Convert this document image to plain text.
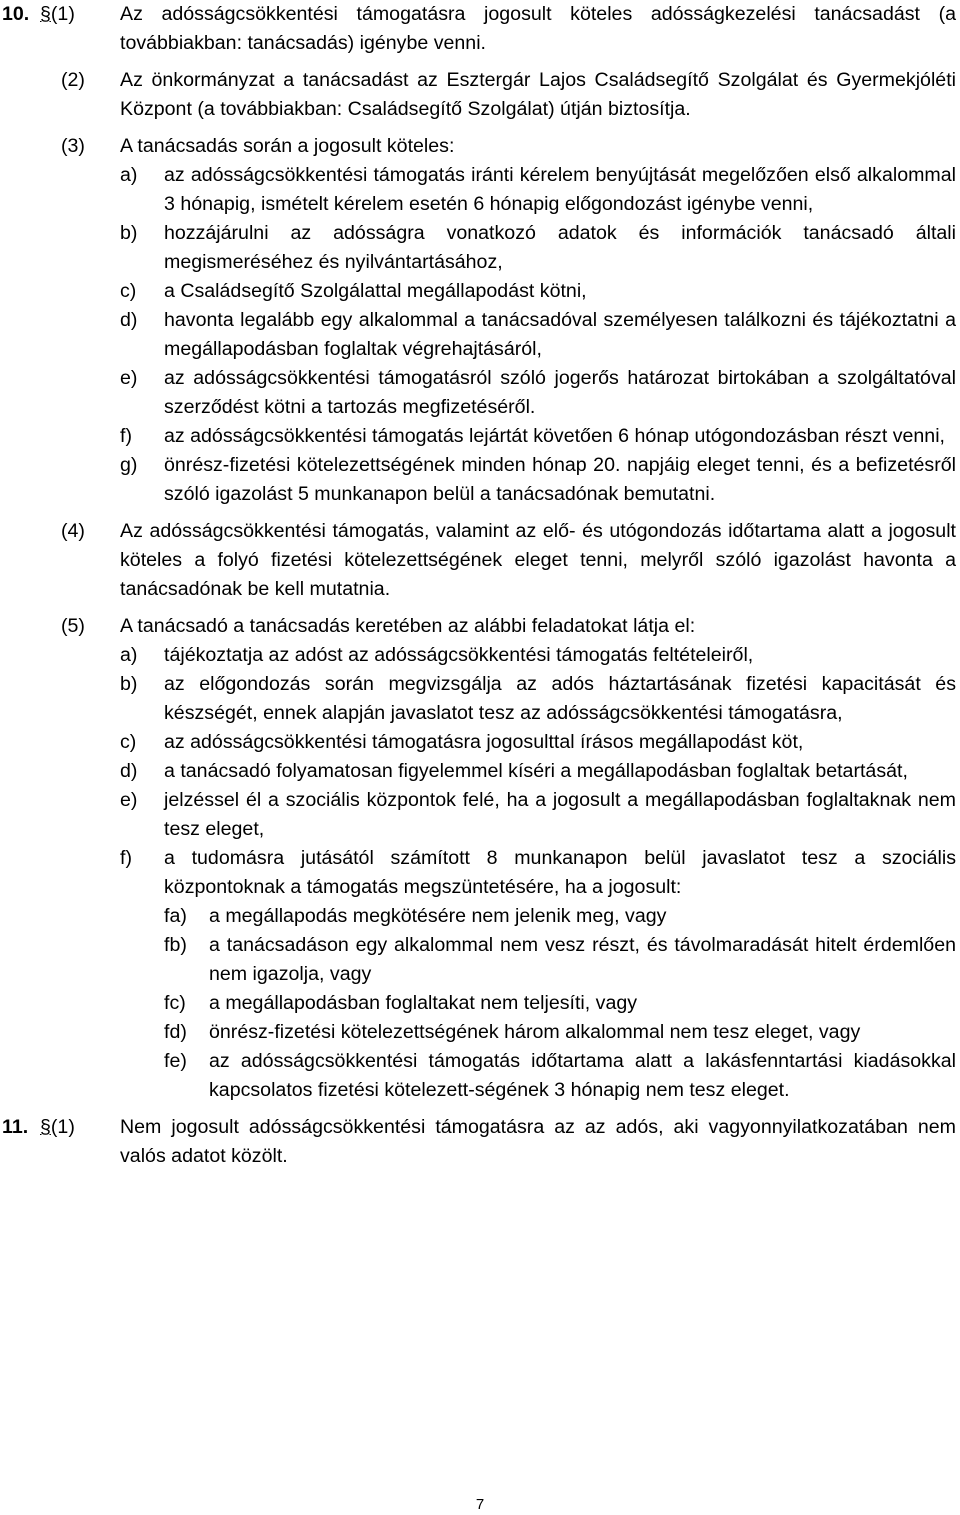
10. §(1) Az adósságcsökkentési támogatásra jogosult köteles adósságkezelési tanácsadást (a továbbiakban: tanácsadás) igénybe venni.
(2) Az önkormányzat a tanácsadást az Esztergár Lajos Családsegítő Szolgálat és Gyermekjóléti Központ (a továbbiakban: Családsegítő Szolgálat) útján biztosítja.
(3) A tanácsadás során a jogosult köteles:
a) az adósságcsökkentési támogatás iránti kérelem benyújtását megelőzően első alkalommal 3 hónapig, ismételt kérelem esetén 6 hónapig előgondozást igénybe venni,
b) hozzájárulni az adósságra vonatkozó adatok és információk tanácsadó általi megismeréséhez és nyilvántartásához,
c) a Családsegítő Szolgálattal megállapodást kötni,
d) havonta legalább egy alkalommal a tanácsadóval személyesen találkozni és tájékoztatni a megállapodásban foglaltak végrehajtásáról,
e) az adósságcsökkentési támogatásról szóló jogerős határozat birtokában a szolgáltatóval szerződést kötni a tartozás megfizetéséről.
f) az adósságcsökkentési támogatás lejártát követően 6 hónap utógondozásban részt venni,
g) önrész-fizetési kötelezettségének minden hónap 20. napjáig eleget tenni, és a befizetésről szóló igazolást 5 munkanapon belül a tanácsadónak bemutatni.
(4) Az adósságcsökkentési támogatás, valamint az elő- és utógondozás időtartama alatt a jogosult köteles a folyó fizetési kötelezettségének eleget tenni, melyről szóló igazolást havonta a tanácsadónak be kell mutatnia.
(5) A tanácsadó a tanácsadás keretében az alábbi feladatokat látja el:
a) tájékoztatja az adóst az adósságcsökkentési támogatás feltételeiről,
b) az előgondozás során megvizsgálja az adós háztartásának fizetési kapacitását és készségét, ennek alapján javaslatot tesz az adósságcsökkentési támogatásra,
c) az adósságcsökkentési támogatásra jogosulttal írásos megállapodást köt,
d) a tanácsadó folyamatosan figyelemmel kíséri a megállapodásban foglaltak betartását,
e) jelzéssel él a szociális központok felé, ha a jogosult a megállapodásban foglaltaknak nem tesz eleget,
f) a tudomásra jutásától számított 8 munkanapon belül javaslatot tesz a szociális központoknak a támogatás megszüntetésére, ha a jogosult:
fa) a megállapodás megkötésére nem jelenik meg, vagy
fb) a tanácsadáson egy alkalommal nem vesz részt, és távolmaradását hitelt érdemlően nem igazolja, vagy
fc) a megállapodásban foglaltakat nem teljesíti, vagy
fd) önrész-fizetési kötelezettségének három alkalommal nem tesz eleget, vagy
fe) az adósságcsökkentési támogatás időtartama alatt a lakásfenntartási kiadásokkal kapcsolatos fizetési kötelezett-ségének 3 hónapig nem tesz eleget.
11. §(1) Nem jogosult adósságcsökkentési támogatásra az az adós, aki vagyonnyilatkozatában nem valós adatot közölt.
7
